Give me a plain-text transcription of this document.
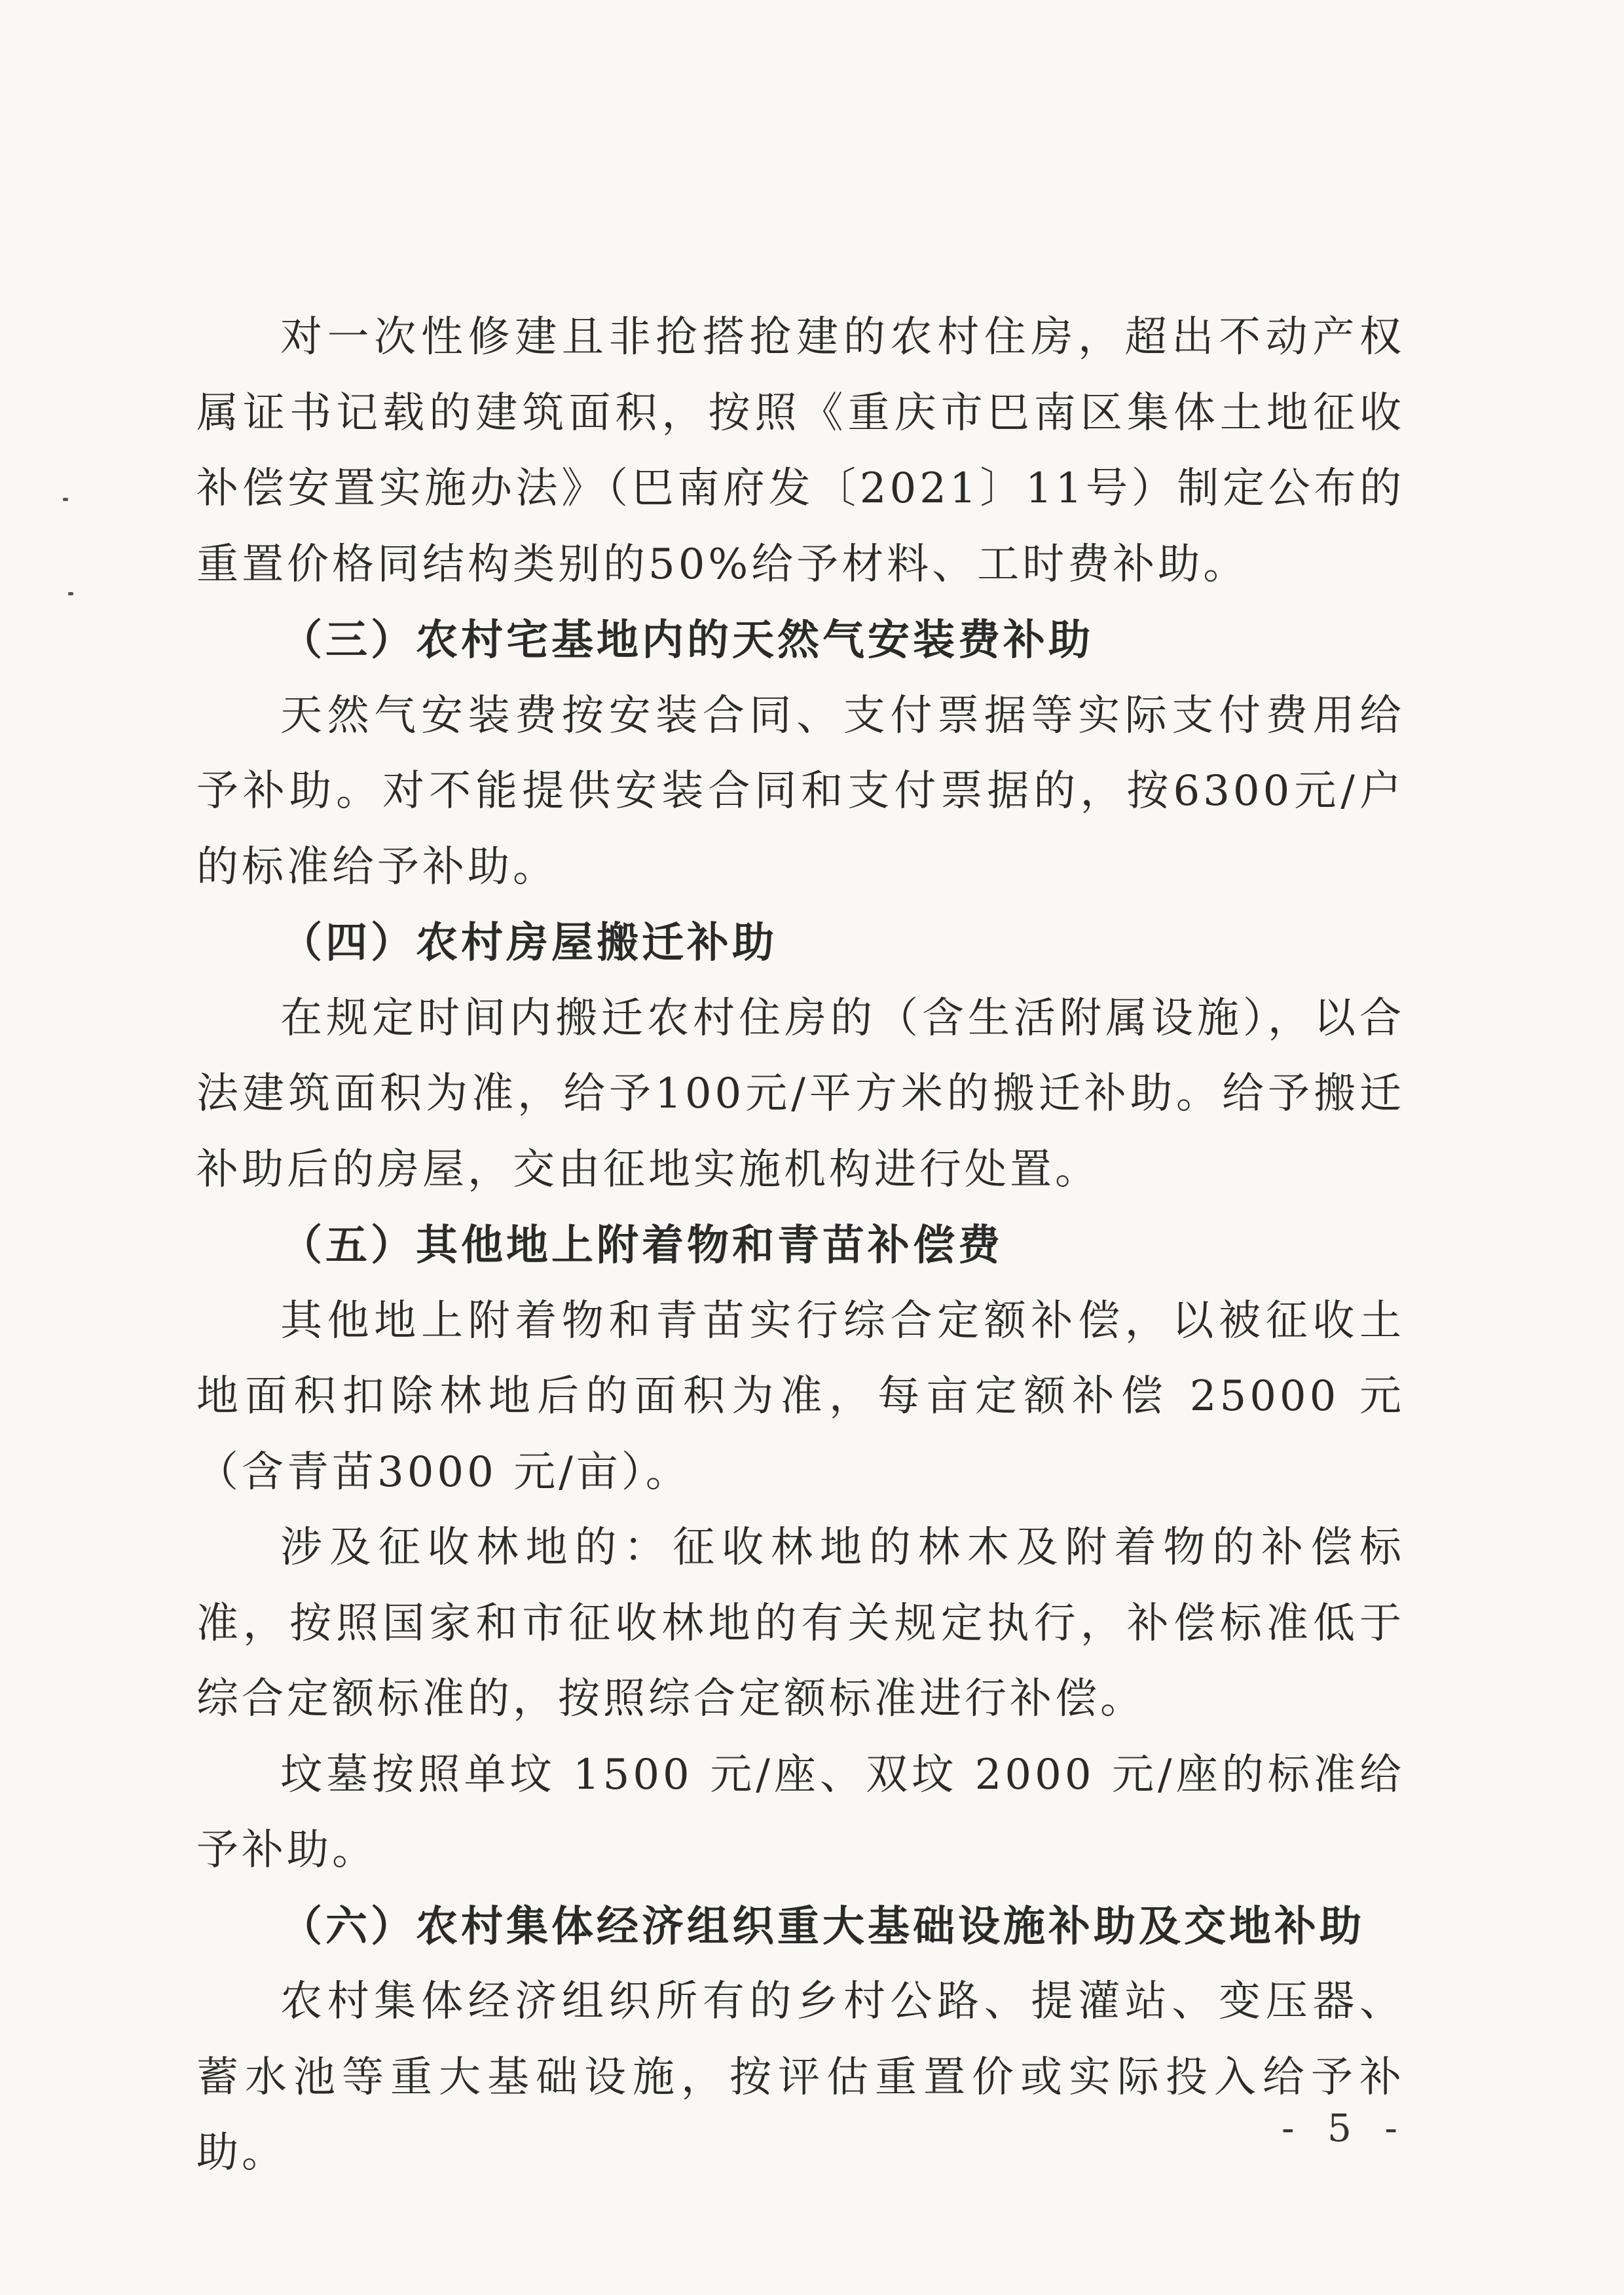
对一次性修建且非抢搭抢建的农村住房，超出不动产权属证书记载的建筑面积，按照《重庆市巴南区集体土地征收补偿安置实施办法》（巴南府发〔2021〕11号）制定公布的重置价格同结构类别的50%给予材料、工时费补助。

（三）农村宅基地内的天然气安装费补助

天然气安装费按安装合同、支付票据等实际支付费用给予补助。对不能提供安装合同和支付票据的，按6300元/户的标准给予补助。

（四）农村房屋搬迁补助

在规定时间内搬迁农村住房的（含生活附属设施），以合法建筑面积为准，给予100元/平方米的搬迁补助。给予搬迁补助后的房屋，交由征地实施机构进行处置。

（五）其他地上附着物和青苗补偿费

其他地上附着物和青苗实行综合定额补偿，以被征收土地面积扣除林地后的面积为准，每亩定额补偿 25000 元（含青苗3000 元/亩）。

涉及征收林地的：征收林地的林木及附着物的补偿标准，按照国家和市征收林地的有关规定执行，补偿标准低于综合定额标准的，按照综合定额标准进行补偿。

坟墓按照单坟 1500 元/座、双坟 2000 元/座的标准给予补助。

（六）农村集体经济组织重大基础设施补助及交地补助

农村集体经济组织所有的乡村公路、提灌站、变压器、蓄水池等重大基础设施，按评估重置价或实际投入给予补助。

- 5 -
